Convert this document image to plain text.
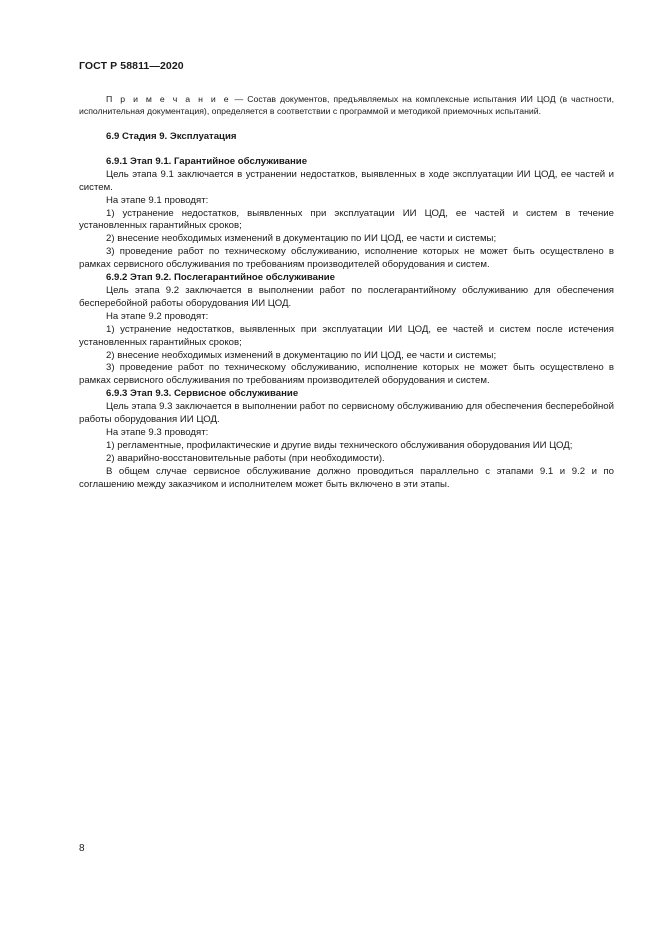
ГОСТ Р 58811—2020

П р и м е ч а н и е — Состав документов, предъявляемых на комплексные испытания ИИ ЦОД (в частности, исполнительная документация), определяется в соответствии с программой и методикой приемочных испытаний.

6.9 Стадия 9. Эксплуатация

6.9.1 Этап 9.1. Гарантийное обслуживание

Цель этапа 9.1 заключается в устранении недостатков, выявленных в ходе эксплуатации ИИ ЦОД, ее частей и систем.

На этапе 9.1 проводят:

1) устранение недостатков, выявленных при эксплуатации ИИ ЦОД, ее частей и систем в течение установленных гарантийных сроков;

2) внесение необходимых изменений в документацию по ИИ ЦОД, ее части и системы;

3) проведение работ по техническому обслуживанию, исполнение которых не может быть осуществлено в рамках сервисного обслуживания по требованиям производителей оборудования и систем.

6.9.2 Этап 9.2. Послегарантийное обслуживание

Цель этапа 9.2 заключается в выполнении работ по послегарантийному обслуживанию для обеспечения бесперебойной работы оборудования ИИ ЦОД.

На этапе 9.2 проводят:

1) устранение недостатков, выявленных при эксплуатации ИИ ЦОД, ее частей и систем после истечения установленных гарантийных сроков;

2) внесение необходимых изменений в документацию по ИИ ЦОД, ее части и системы;

3) проведение работ по техническому обслуживанию, исполнение которых не может быть осуществлено в рамках сервисного обслуживания по требованиям производителей оборудования и систем.

6.9.3 Этап 9.3. Сервисное обслуживание

Цель этапа 9.3 заключается в выполнении работ по сервисному обслуживанию для обеспечения бесперебойной работы оборудования ИИ ЦОД.

На этапе 9.3 проводят:

1) регламентные, профилактические и другие виды технического обслуживания оборудования ИИ ЦОД;

2) аварийно-восстановительные работы (при необходимости).

В общем случае сервисное обслуживание должно проводиться параллельно с этапами 9.1 и 9.2 и по соглашению между заказчиком и исполнителем может быть включено в эти этапы.

8
